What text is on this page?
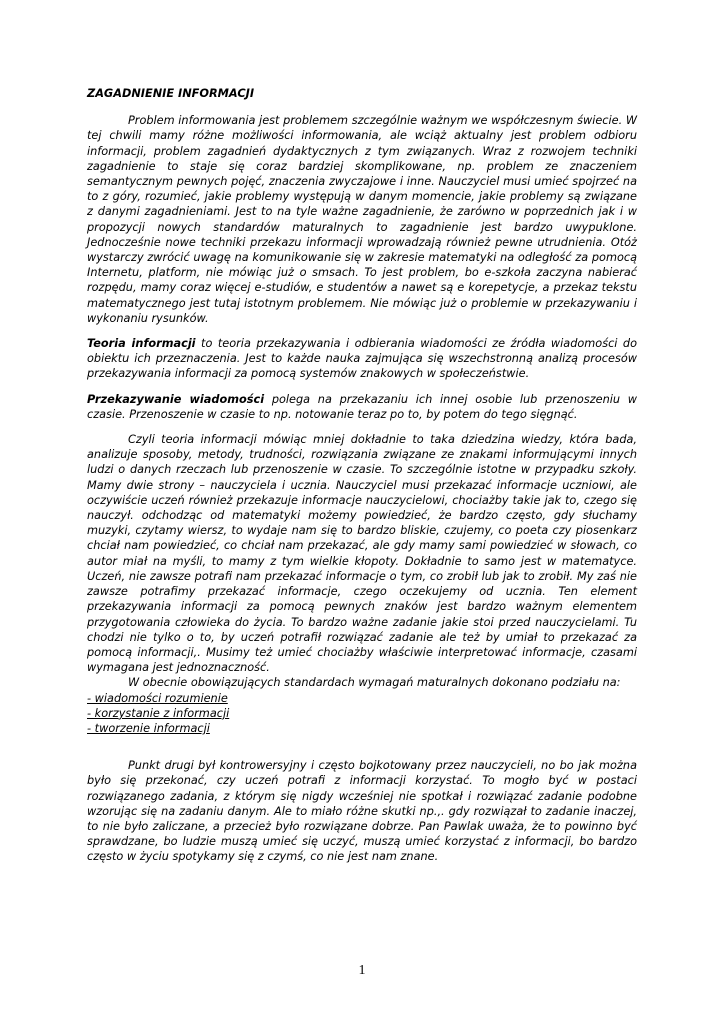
ZAGADNIENIE INFORMACJI

Problem informowania jest problemem szczególnie ważnym we współczesnym świecie. W tej chwili mamy różne możliwości informowania, ale wciąż aktualny jest problem odbioru informacji, problem zagadnień dydaktycznych z tym związanych. Wraz z rozwojem techniki zagadnienie to staje się coraz bardziej skomplikowane, np. problem ze znaczeniem semantycznym pewnych pojęć, znaczenia zwyczajowe i inne. Nauczyciel musi umieć spojrzeć na to z góry, rozumieć, jakie problemy występują w danym momencie, jakie problemy są związane z danymi zagadnieniami. Jest to na tyle ważne zagadnienie, że zarówno w poprzednich jak i w propozycji nowych standardów maturalnych to zagadnienie jest bardzo uwypuklone. Jednocześnie nowe techniki przekazu informacji wprowadzają również pewne utrudnienia. Otóż wystarczy zwrócić uwagę na komunikowanie się w zakresie matematyki na odległość za pomocą Internetu, platform, nie mówiąc już o smsach. To jest problem, bo e-szkoła zaczyna nabierać rozpędu, mamy coraz więcej e-studiów, e studentów a nawet są e korepetycje, a przekaz tekstu matematycznego jest tutaj istotnym problemem. Nie mówiąc już o problemie w przekazywaniu i wykonaniu rysunków.

Teoria informacji to teoria przekazywania i odbierania wiadomości ze źródła wiadomości do obiektu ich przeznaczenia. Jest to każde nauka zajmująca się wszechstronną analizą procesów przekazywania informacji za pomocą systemów znakowych w społeczeństwie.

Przekazywanie wiadomości polega na przekazaniu ich innej osobie lub przenoszeniu w czasie. Przenoszenie w czasie to np. notowanie teraz po to, by potem do tego sięgnąć.

Czyli teoria informacji mówiąc mniej dokładnie to taka dziedzina wiedzy, która bada, analizuje sposoby, metody, trudności, rozwiązania związane ze znakami informującymi innych ludzi o danych rzeczach lub przenoszenie w czasie. To szczególnie istotne w przypadku szkoły. Mamy dwie strony – nauczyciela i ucznia. Nauczyciel musi przekazać informacje uczniowi, ale oczywiście uczeń również przekazuje informacje nauczycielowi, chociażby takie jak to, czego się nauczył. odchodząc od matematyki możemy powiedzieć, że bardzo często, gdy słuchamy muzyki, czytamy wiersz, to wydaje nam się to bardzo bliskie, czujemy, co poeta czy piosenkarz chciał nam powiedzieć, co chciał nam przekazać, ale gdy mamy sami powiedzieć w słowach, co autor miał na myśli, to mamy z tym wielkie kłopoty. Dokładnie to samo jest w matematyce. Uczeń, nie zawsze potrafi nam przekazać informacje o tym, co zrobił lub jak to zrobił. My zaś nie zawsze potrafimy przekazać informacje, czego oczekujemy od ucznia. Ten element przekazywania informacji za pomocą pewnych znaków jest bardzo ważnym elementem przygotowania człowieka do życia. To bardzo ważne zadanie jakie stoi przed nauczycielami. Tu chodzi nie tylko o to, by uczeń potrafił rozwiązać zadanie ale też by umiał to przekazać za pomocą informacji,. Musimy też umieć chociażby właściwie interpretować informacje, czasami wymagana jest jednoznaczność.

W obecnie obowiązujących standardach wymagań maturalnych dokonano podziału na:

- wiadomości rozumienie
- korzystanie z informacji
- tworzenie informacji

Punkt drugi był kontrowersyjny i często bojkotowany przez nauczycieli, no bo jak można było się przekonać, czy uczeń potrafi z informacji korzystać. To mogło być w postaci rozwiązanego zadania, z którym się nigdy wcześniej nie spotkał i rozwiązać zadanie podobne wzorując się na zadaniu danym. Ale to miało różne skutki np.,. gdy rozwiązał to zadanie inaczej, to nie było zaliczane, a przecież było rozwiązane dobrze. Pan Pawlak uważa, że to powinno być sprawdzane, bo ludzie muszą umieć się uczyć, muszą umieć korzystać z informacji, bo bardzo często w życiu spotykamy się z czymś, co nie jest nam znane.

1
